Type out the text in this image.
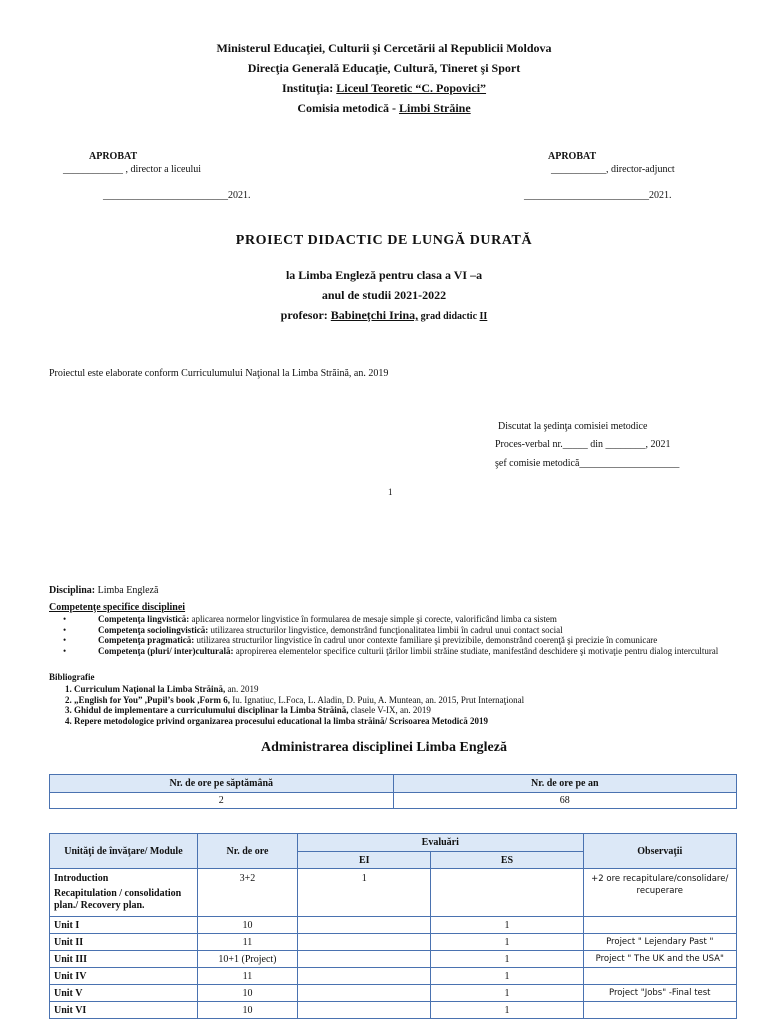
Ministerul Educaţiei, Culturii şi Cercetării al Republicii Moldova
Direcţia Generală Educaţie, Cultură, Tineret şi Sport
Instituţia: Liceul Teoretic “C. Popovici”
Comisia metodică - Limbi Străine
APROBAT
____________ , director a liceului
_________________________2021.
APROBAT
___________, director-adjunct
_________________________2021.
PROIECT DIDACTIC DE LUNGĂ DURATĂ
la Limba Engleză pentru clasa a VI –a
anul de studii 2021-2022
profesor: Babinețchi Irina, grad didactic II
Proiectul este elaborate conform Curriculumului Naţional la Limba Străină, an. 2019
Discutat la şedinţa comisiei metodice
Proces-verbal nr._____ din ________, 2021
şef comisie metodică____________________
1
Disciplina: Limba Engleză
Competenţe specifice disciplinei
• Competenţa lingvistică: aplicarea normelor lingvistice în formularea de mesaje simple şi corecte, valorificând limba ca sistem
• Competenţa sociolingvistică: utilizarea structurilor lingvistice, demonstrând funcţionalitatea limbii în cadrul unui contact social
• Competenţa pragmatică: utilizarea structurilor lingvistice în cadrul unor contexte familiare şi previzibile, demonstrând coerenţă şi precizie în comunicare
• Competenţa (pluri/ inter)culturală: apropirerea elementelor specifice culturii ţărilor limbii străine studiate, manifestând deschidere şi motivaţie pentru dialog intercultural
Bibliografie
1. Curriculum Naţional la Limba Străină, an. 2019
2. „English for You” ,Pupil’s book ,Form 6, Iu. Ignatiuc, L.Foca, L. Aladin, D. Puiu, A. Muntean, an. 2015, Prut Internaţional
3. Ghidul de implementare a curriculumului disciplinar la Limba Străină, clasele V-IX, an. 2019
4. Repere metodologice privind organizarea procesului educational la limba străină/ Scrisoarea Metodică 2019
Administrarea disciplinei Limba Engleză
Nr. de ore pe săptămână	Nr. de ore pe an
2	68
Unităţi de învăţare/ Module	Nr. de ore	Evaluări		Observaţii
		EI	ES	

Introduction
Recapitulation / consolidation plan./ Recovery plan.	3+2	1		+2 ore recapitulare/consolidare/ recuperare
Unit I	10		1	
Unit II	11		1	Project " Lejendary Past "
Unit III	10+1 (Project)		1	Project " The UK and the USA"
Unit IV	11		1	
Unit V	10		1	Project "Jobs" -Final test
Unit VI	10		1	
